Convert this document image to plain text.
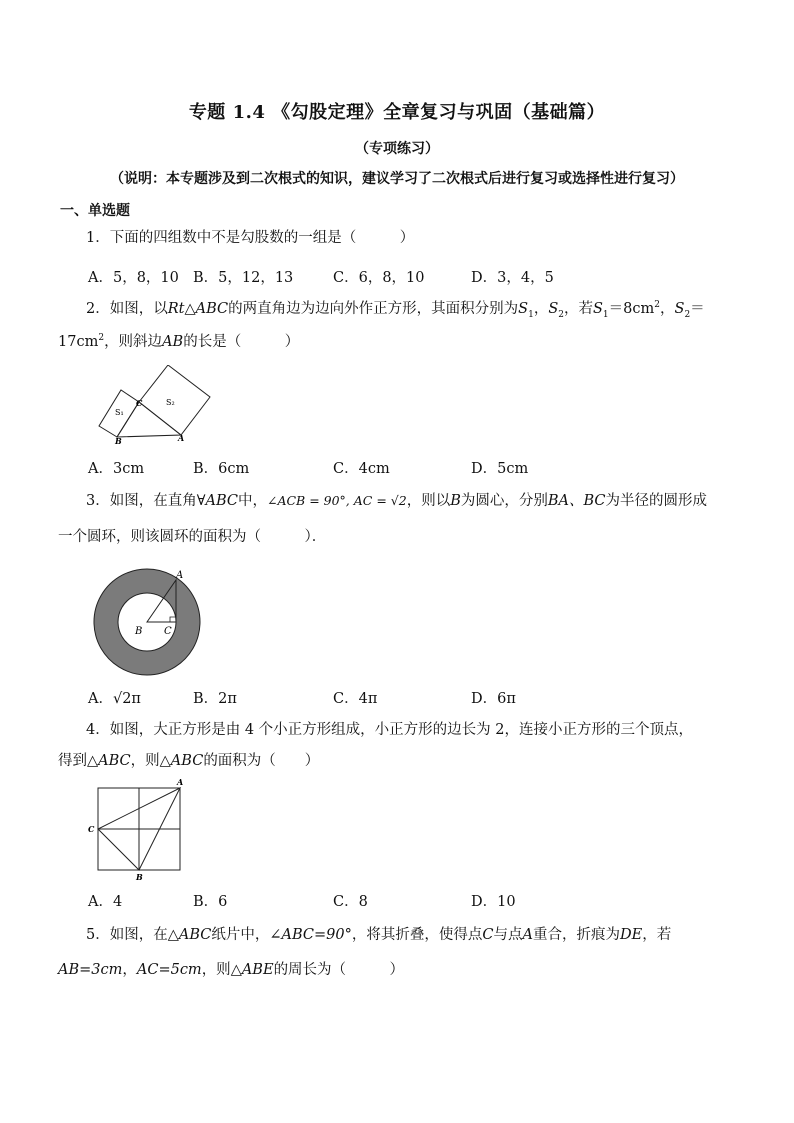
专题 1.4 《勾股定理》全章复习与巩固（基础篇）
（专项练习）
（说明：本专题涉及到二次根式的知识，建议学习了二次根式后进行复习或选择性进行复习）
一、单选题
1．下面的四组数中不是勾股数的一组是（　　　）
A．5，8，10 B．5，12，13	C．6，8，10	D．3，4，5
2．如图，以Rt△ABC的两直角边为边向外作正方形，其面积分别为$S_1$，$S_2$，若$S_1=8cm^2$，$S_2=$
$17cm^2$，则斜边AB的长是（　　　）
S₁
S₂
C
B	A
A．3cm	B．6cm	C．4cm	D．5cm
3．如图，在直角∀ABC中，∠ACB = 90°, AC = √2，则以B为圆心，分别BA、BC为半径的圆形成
一个圆环，则该圆环的面积为（　　　）．
A
B C
A．√2π	B．2π	C．4π	D．6π
4．如图，大正方形是由 4 个小正方形组成，小正方形的边长为 2，连接小正方形的三个顶点，
得到△ABC，则△ABC的面积为（　　）
A
C
B
A．4	B．6	C．8	D．10
5．如图，在△ABC纸片中，∠ABC=90°，将其折叠，使得点C与点A重合，折痕为DE，若
AB=3cm，AC=5cm，则△ABE的周长为（　　　）
